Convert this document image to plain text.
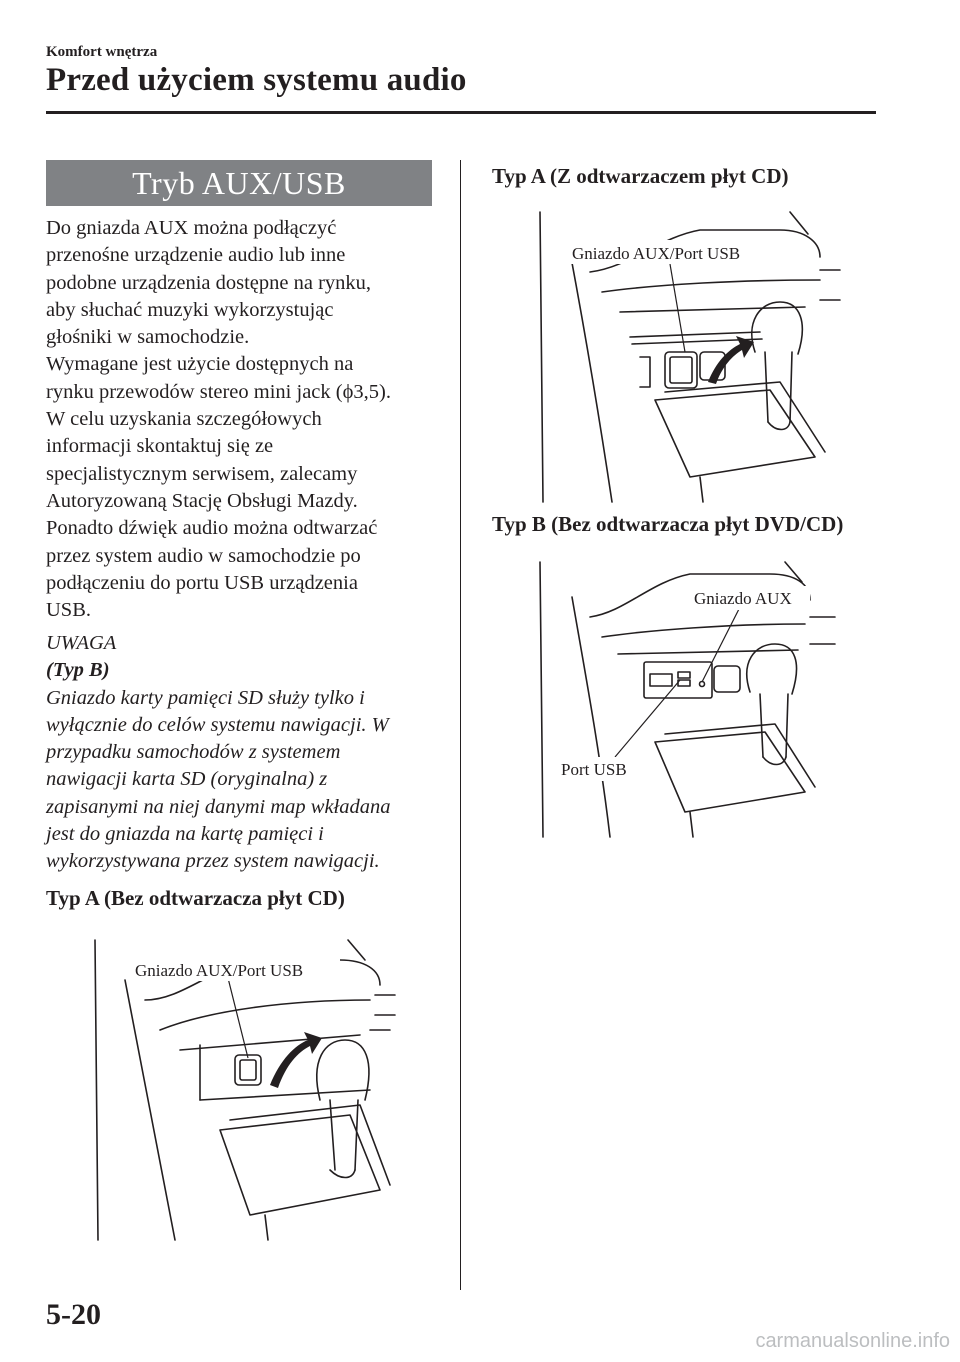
Komfort wnętrza
Przed użyciem systemu audio
Tryb AUX/USB

Do gniazda AUX można podłączyć
przenośne urządzenie audio lub inne
podobne urządzenia dostępne na rynku,
aby słuchać muzyki wykorzystując
głośniki w samochodzie.

Wymagane jest użycie dostępnych na
rynku przewodów stereo mini jack (ϕ3,5).

W celu uzyskania szczegółowych
informacji skontaktuj się ze
specjalistycznym serwisem, zalecamy
Autoryzowaną Stację Obsługi Mazdy.

Ponadto dźwięk audio można odtwarzać
przez system audio w samochodzie po
podłączeniu do portu USB urządzenia
USB.

UWAGA

(Typ B)

Gniazdo karty pamięci SD służy tylko i
wyłącznie do celów systemu nawigacji. W
przypadku samochodów z systemem
nawigacji karta SD (oryginalna) z
zapisanymi na niej danymi map wkładana
jest do gniazda na kartę pamięci i
wykorzystywana przez system nawigacji.

Typ A (Bez odtwarzacza płyt CD)
Gniazdo AUX/Port USB
Typ A (Z odtwarzaczem płyt CD)
Gniazdo AUX/Port USB
Typ B (Bez odtwarzacza płyt DVD/CD)
Gniazdo AUX
Port USB
5-20
carmanualsonline.info
